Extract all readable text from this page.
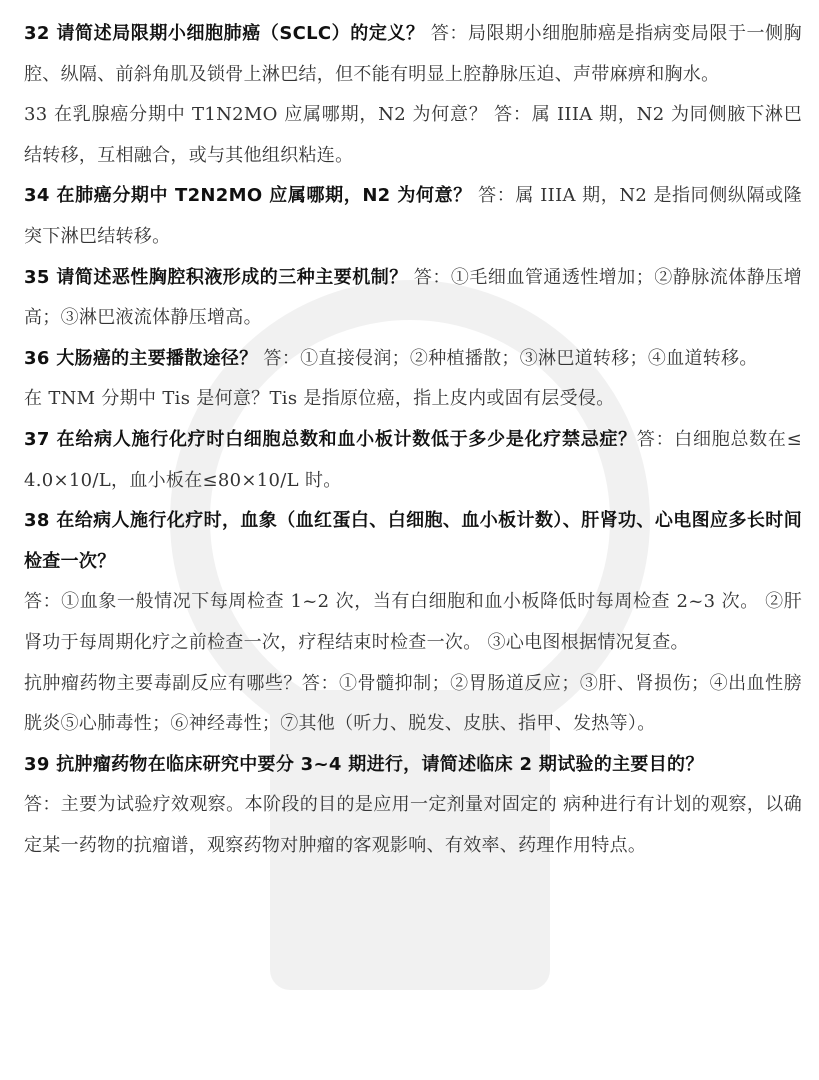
32 请简述局限期小细胞肺癌（SCLC）的定义？ 答：局限期小细胞肺癌是指病变局限于一侧胸腔、纵隔、前斜角肌及锁骨上淋巴结，但不能有明显上腔静脉压迫、声带麻痹和胸水。

33 在乳腺癌分期中 T1N2MO 应属哪期，N2 为何意？ 答：属 IIIA 期，N2 为同侧腋下淋巴结转移，互相融合，或与其他组织粘连。

34 在肺癌分期中 T2N2MO 应属哪期，N2 为何意？ 答：属 IIIA 期，N2 是指同侧纵隔或隆突下淋巴结转移。

35 请简述恶性胸腔积液形成的三种主要机制？ 答：①毛细血管通透性增加；②静脉流体静压增高；③淋巴液流体静压增高。

36 大肠癌的主要播散途径？ 答：①直接侵润；②种植播散；③淋巴道转移；④血道转移。

在 TNM 分期中 Tis 是何意？Tis 是指原位癌，指上皮内或固有层受侵。

37 在给病人施行化疗时白细胞总数和血小板计数低于多少是化疗禁忌症？答：白细胞总数在≤4.0×10/L，血小板在≤80×10/L 时。

38 在给病人施行化疗时，血象（血红蛋白、白细胞、血小板计数）、肝肾功、心电图应多长时间检查一次？

答：①血象一般情况下每周检查 1~2 次，当有白细胞和血小板降低时每周检查 2~3 次。 ②肝肾功于每周期化疗之前检查一次，疗程结束时检查一次。 ③心电图根据情况复查。

抗肿瘤药物主要毒副反应有哪些？答：①骨髓抑制；②胃肠道反应；③肝、肾损伤；④出血性膀胱炎⑤心肺毒性；⑥神经毒性；⑦其他（听力、脱发、皮肤、指甲、发热等）。

39 抗肿瘤药物在临床研究中要分 3~4 期进行，请简述临床 2 期试验的主要目的？

答：主要为试验疗效观察。本阶段的目的是应用一定剂量对固定的 病种进行有计划的观察，以确定某一药物的抗瘤谱，观察药物对肿瘤的客观影响、有效率、药理作用特点。
